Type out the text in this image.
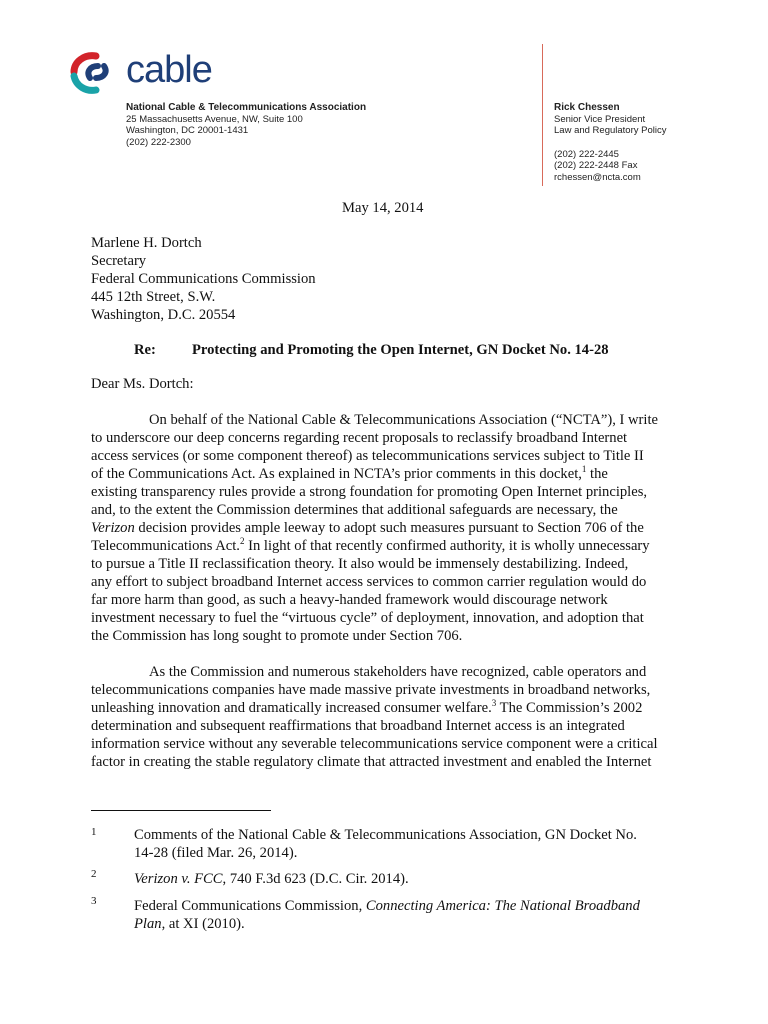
cable
National Cable & Telecommunications Association
25 Massachusetts Avenue, NW, Suite 100
Washington, DC 20001-1431
(202) 222-2300
Rick Chessen
Senior Vice President
Law and Regulatory Policy
(202) 222-2445
(202) 222-2448 Fax
rchessen@ncta.com
May 14, 2014
Marlene H. Dortch
Secretary
Federal Communications Commission
445 12th Street, S.W.
Washington, D.C. 20554
Re: Protecting and Promoting the Open Internet, GN Docket No. 14-28
Dear Ms. Dortch:
On behalf of the National Cable & Telecommunications Association (“NCTA”), I write
to underscore our deep concerns regarding recent proposals to reclassify broadband Internet
access services (or some component thereof) as telecommunications services subject to Title II
of the Communications Act. As explained in NCTA’s prior comments in this docket,$^1$ the
existing transparency rules provide a strong foundation for promoting Open Internet principles,
and, to the extent the Commission determines that additional safeguards are necessary, the
Verizon decision provides ample leeway to adopt such measures pursuant to Section 706 of the
Telecommunications Act.$^2$ In light of that recently confirmed authority, it is wholly unnecessary
to pursue a Title II reclassification theory. It also would be immensely destabilizing. Indeed,
any effort to subject broadband Internet access services to common carrier regulation would do
far more harm than good, as such a heavy-handed framework would discourage network
investment necessary to fuel the “virtuous cycle” of deployment, innovation, and adoption that
the Commission has long sought to promote under Section 706.
As the Commission and numerous stakeholders have recognized, cable operators and
telecommunications companies have made massive private investments in broadband networks,
unleashing innovation and dramatically increased consumer welfare.$^3$ The Commission’s 2002
determination and subsequent reaffirmations that broadband Internet access is an integrated
information service without any severable telecommunications service component were a critical
factor in creating the stable regulatory climate that attracted investment and enabled the Internet
1	Comments of the National Cable & Telecommunications Association, GN Docket No.
14-28 (filed Mar. 26, 2014).
2	Verizon v. FCC, 740 F.3d 623 (D.C. Cir. 2014).
3	Federal Communications Commission, Connecting America: The National Broadband
Plan, at XI (2010).
